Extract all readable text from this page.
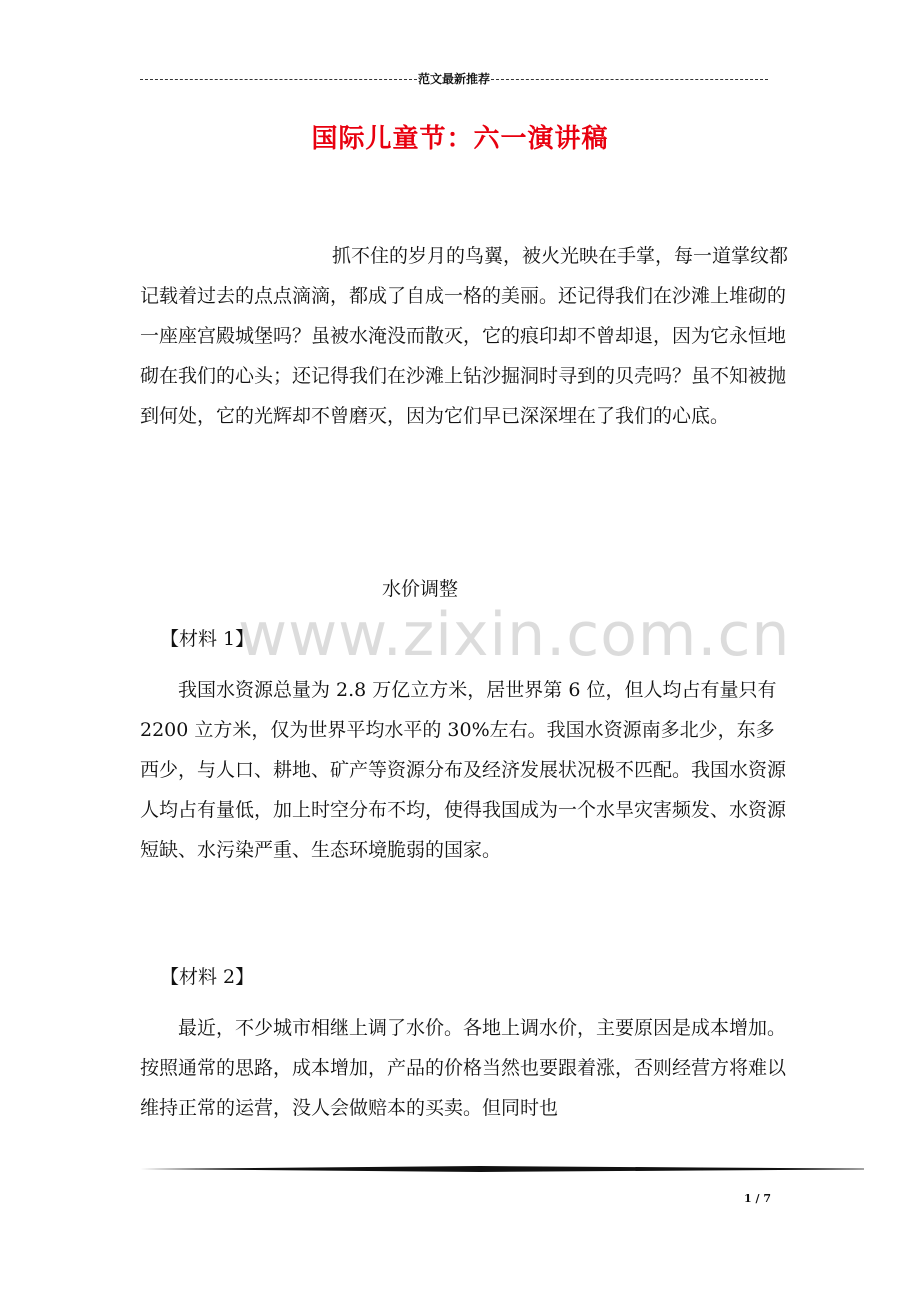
范文最新推荐
国际儿童节：六一演讲稿
抓不住的岁月的鸟翼，被火光映在手掌，每一道掌纹都记载着过去的点点滴滴，都成了自成一格的美丽。还记得我们在沙滩上堆砌的一座座宫殿城堡吗？虽被水淹没而散灭，它的痕印却不曾却退，因为它永恒地砌在我们的心头；还记得我们在沙滩上钻沙掘洞时寻到的贝壳吗？虽不知被抛到何处，它的光辉却不曾磨灭，因为它们早已深深埋在了我们的心底。
水价调整
www.zixin.com.cn
【材料 1】
我国水资源总量为 2.8 万亿立方米，居世界第 6 位，但人均占有量只有 2200 立方米，仅为世界平均水平的 30%左右。我国水资源南多北少，东多西少，与人口、耕地、矿产等资源分布及经济发展状况极不匹配。我国水资源人均占有量低，加上时空分布不均，使得我国成为一个水旱灾害频发、水资源短缺、水污染严重、生态环境脆弱的国家。
【材料 2】
最近，不少城市相继上调了水价。各地上调水价，主要原因是成本增加。按照通常的思路，成本增加，产品的价格当然也要跟着涨，否则经营方将难以维持正常的运营，没人会做赔本的买卖。但同时也
1 / 7
